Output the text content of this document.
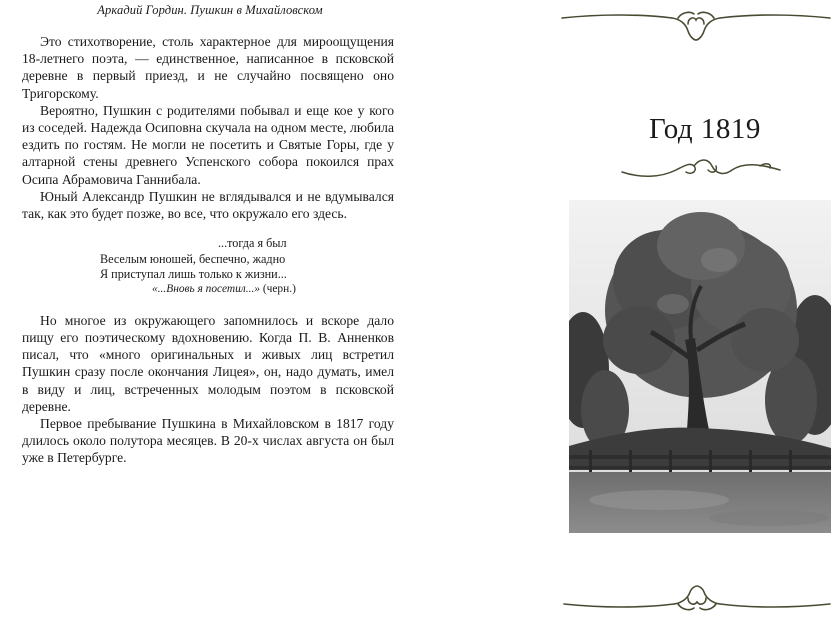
Аркадий Гордин. Пушкин в Михайловском

Это стихотворение, столь характерное для мироощущения 18-летнего поэта, — единственное, написанное в псковской деревне в первый приезд, и не случайно посвящено оно Тригорскому.

Вероятно, Пушкин с родителями побывал и еще кое у кого из соседей. Надежда Осиповна скучала на одном месте, любила ездить по гостям. Не могли не посетить и Святые Горы, где у алтарной стены древнего Успенского собора покоился прах Осипа Абрамовича Ганнибала.

Юный Александр Пушкин не вглядывался и не вдумывался так, как это будет позже, во все, что окружало его здесь.

...тогда я был
Веселым юношей, беспечно, жадно
Я приступал лишь только к жизни...
«...Вновь я посетил...» (черн.)

Но многое из окружающего запомнилось и вскоре дало пищу его поэтическому вдохновению. Когда П. В. Анненков писал, что «много оригинальных и живых лиц встретил Пушкин сразу после окончания Лицея», он, надо думать, имел в виду и лиц, встреченных молодым поэтом в псковской деревне.

Первое пребывание Пушкина в Михайловском в 1817 году длилось около полутора месяцев. В 20-х числах августа он был уже в Петербурге.

Год 1819
